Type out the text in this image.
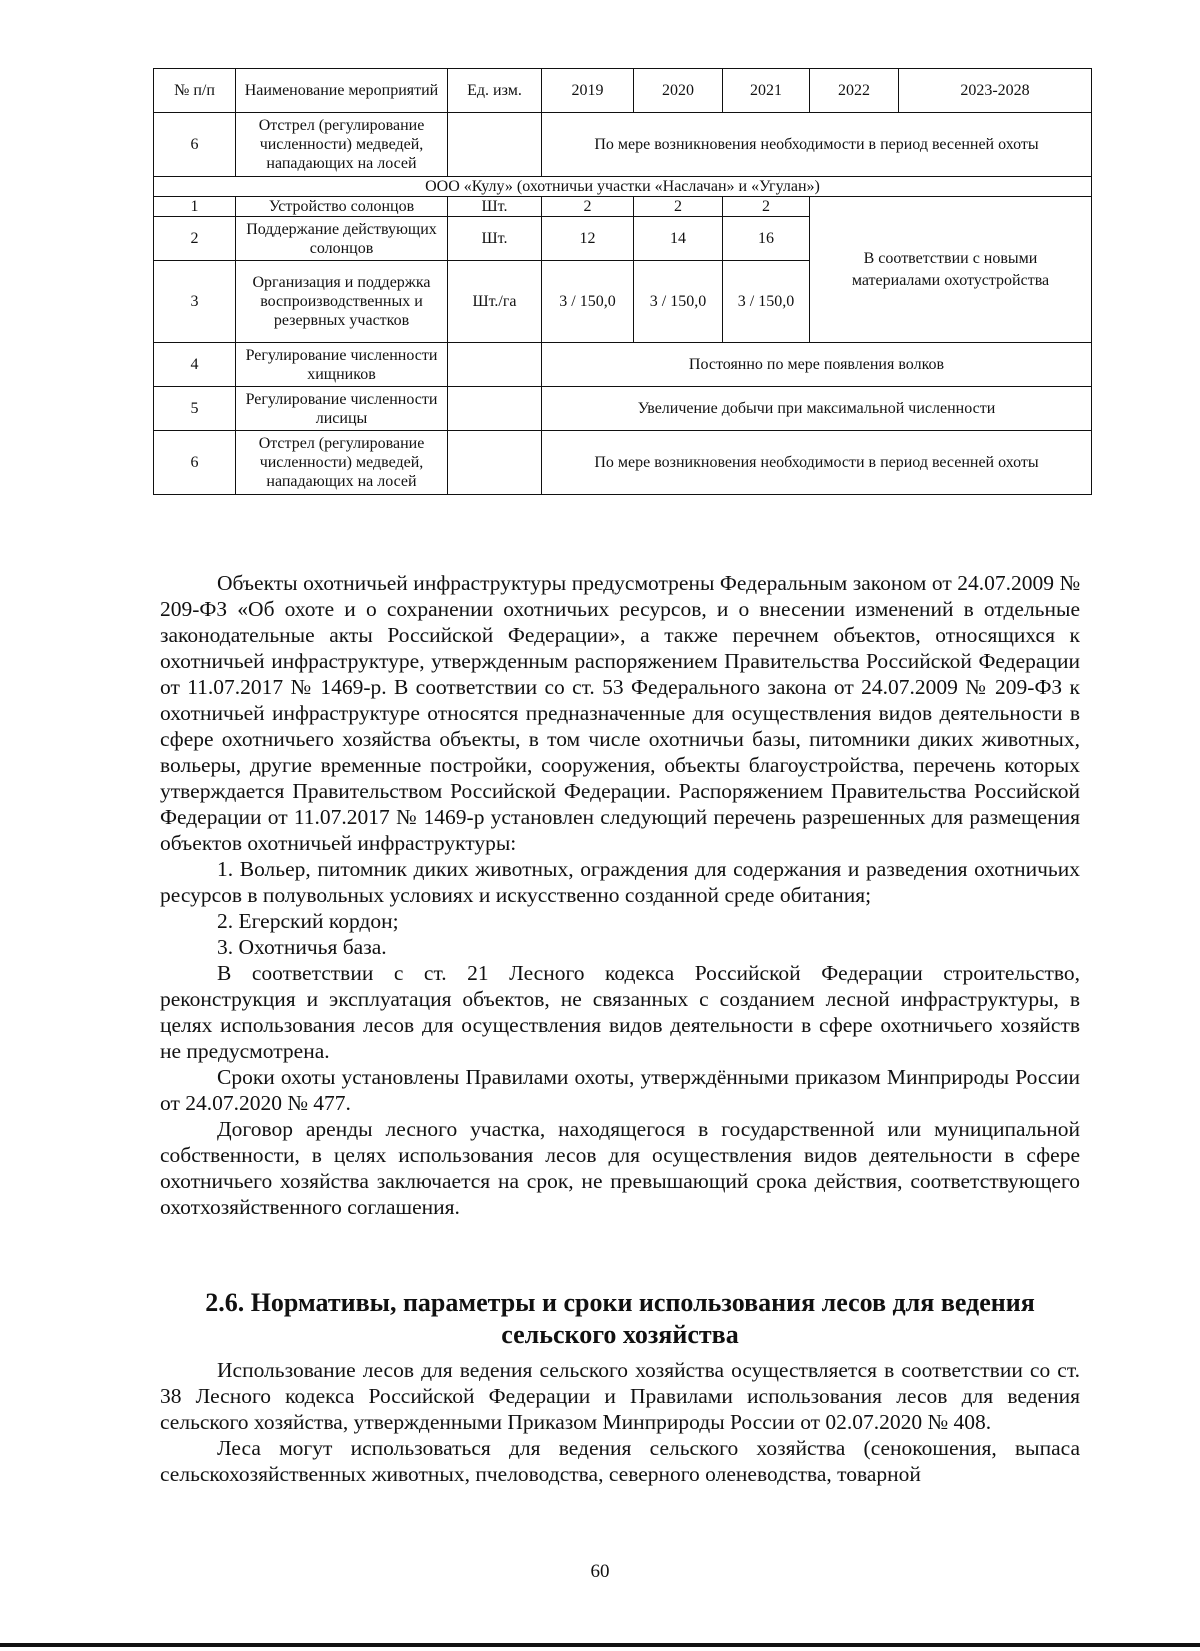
№ п/п	Наименование мероприятий	Ед. изм.	2019	2020	2021	2022	2023-2028
6	Отстрел (регулирование численности) медведей, нападающих на лосей		По мере возникновения необходимости в период весенней охоты				
ООО «Кулу» (охотничьи участки «Наслачан» и «Угулан»)							
1	Устройство солонцов	Шт.	2	2	2	В соответствии с новыми материалами охотустройства	
2	Поддержание действующих солонцов	Шт.	12	14	16		
3	Организация и поддержка воспроизводственных и резервных участков	Шт./га	3 / 150,0	3 / 150,0	3 / 150,0		
4	Регулирование численности хищников		Постоянно по мере появления волков				
5	Регулирование численности лисицы		Увеличение добычи при максимальной численности				
6	Отстрел (регулирование численности) медведей, нападающих на лосей		По мере возникновения необходимости в период весенней охоты				

Объекты охотничьей инфраструктуры предусмотрены Федеральным законом от 24.07.2009 № 209-ФЗ «Об охоте и о сохранении охотничьих ресурсов, и о внесении изменений в отдельные законодательные акты Российской Федерации», а также перечнем объектов, относящихся к охотничьей инфраструктуре, утвержденным распоряжением Правительства Российской Федерации от 11.07.2017 № 1469-р. В соответствии со ст. 53 Федерального закона от 24.07.2009 № 209-ФЗ к охотничьей инфраструктуре относятся предназначенные для осуществления видов деятельности в сфере охотничьего хозяйства объекты, в том числе охотничьи базы, питомники диких животных, вольеры, другие временные постройки, сооружения, объекты благоустройства, перечень которых утверждается Правительством Российской Федерации. Распоряжением Правительства Российской Федерации от 11.07.2017 № 1469-р установлен следующий перечень разрешенных для размещения объектов охотничьей инфраструктуры:

1. Вольер, питомник диких животных, ограждения для содержания и разведения охотничьих ресурсов в полувольных условиях и искусственно созданной среде обитания;

2. Егерский кордон;

3. Охотничья база.

В соответствии с ст. 21 Лесного кодекса Российской Федерации строительство, реконструкция и эксплуатация объектов, не связанных с созданием лесной инфраструктуры, в целях использования лесов для осуществления видов деятельности в сфере охотничьего хозяйств не предусмотрена.

Сроки охоты установлены Правилами охоты, утверждёнными приказом Минприроды России от 24.07.2020 № 477.

Договор аренды лесного участка, находящегося в государственной или муниципальной собственности, в целях использования лесов для осуществления видов деятельности в сфере охотничьего хозяйства заключается на срок, не превышающий срока действия, соответствующего охотхозяйственного соглашения.

2.6. Нормативы, параметры и сроки использования лесов для ведения сельского хозяйства

Использование лесов для ведения сельского хозяйства осуществляется в соответствии со ст. 38 Лесного кодекса Российской Федерации и Правилами использования лесов для ведения сельского хозяйства, утвержденными Приказом Минприроды России от 02.07.2020 № 408.

Леса могут использоваться для ведения сельского хозяйства (сенокошения, выпаса сельскохозяйственных животных, пчеловодства, северного оленеводства, товарной

60
